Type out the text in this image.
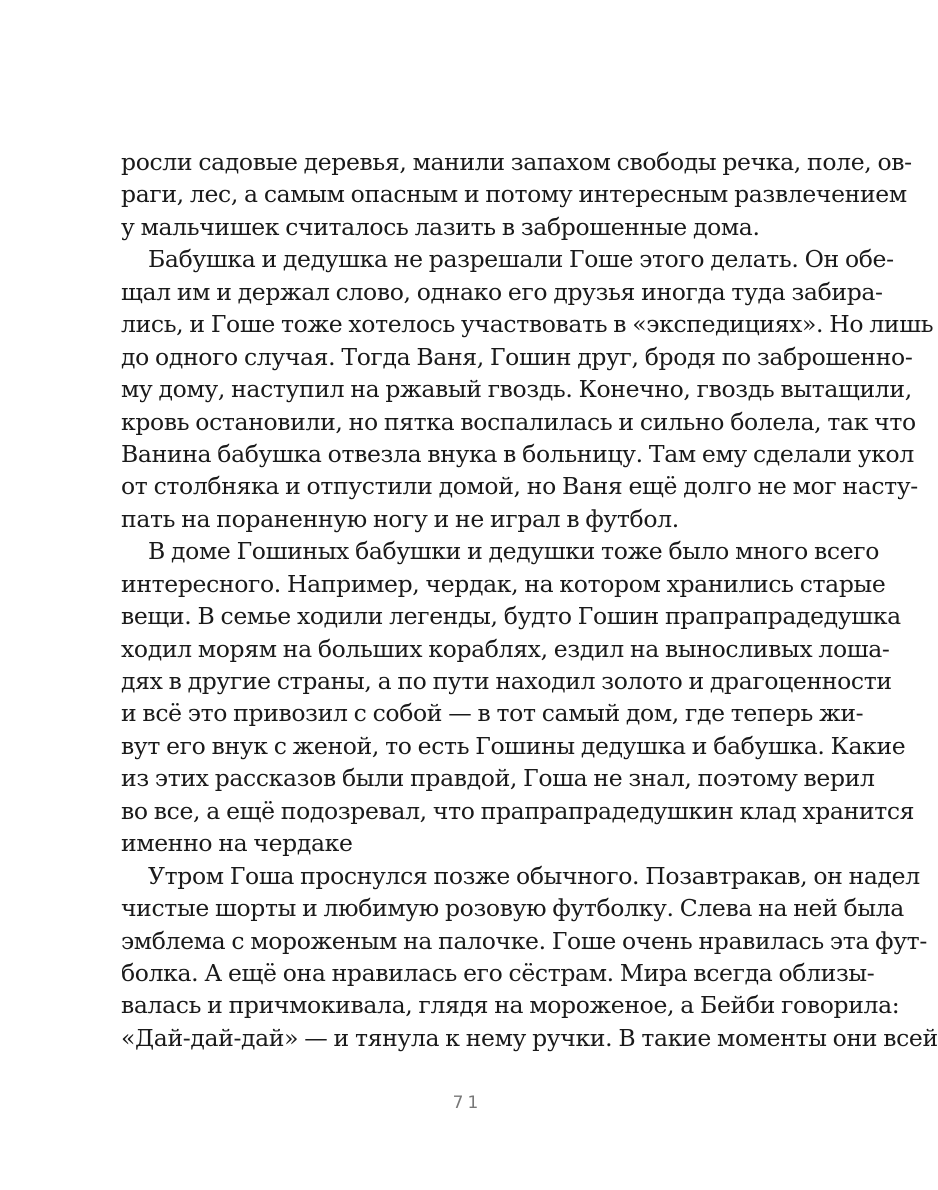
росли садовые деревья, манили запахом свободы речка, поле, ов-
раги, лес, а самым опасным и потому интересным развлечением
у мальчишек считалось лазить в заброшенные дома.
Бабушка и дедушка не разрешали Гоше этого делать. Он обе-
щал им и держал слово, однако его друзья иногда туда забира-
лись, и Гоше тоже хотелось участвовать в «экспедициях». Но лишь
до одного случая. Тогда Ваня, Гошин друг, бродя по заброшенно-
му дому, наступил на ржавый гвоздь. Конечно, гвоздь вытащили,
кровь остановили, но пятка воспалилась и сильно болела, так что
Ванина бабушка отвезла внука в больницу. Там ему сделали укол
от столбняка и отпустили домой, но Ваня ещё долго не мог насту-
пать на пораненную ногу и не играл в футбол.
В доме Гошиных бабушки и дедушки тоже было много всего
интересного. Например, чердак, на котором хранились старые
вещи. В семье ходили легенды, будто Гошин прапрапрадедушка
ходил морям на больших кораблях, ездил на выносливых лоша-
дях в другие страны, а по пути находил золото и драгоценности
и всё это привозил с собой — в тот самый дом, где теперь жи-
вут его внук с женой, то есть Гошины дедушка и бабушка. Какие
из этих рассказов были правдой, Гоша не знал, поэтому верил
во все, а ещё подозревал, что прапрапрадедушкин клад хранится
именно на чердаке
Утром Гоша проснулся позже обычного. Позавтракав, он надел
чистые шорты и любимую розовую футболку. Слева на ней была
эмблема с мороженым на палочке. Гоше очень нравилась эта фут-
болка. А ещё она нравилась его сёстрам. Мира всегда облизы-
валась и причмокивала, глядя на мороженое, а Бейби говорила:
«Дай-дай-дай» — и тянула к нему ручки. В такие моменты они всей
71
